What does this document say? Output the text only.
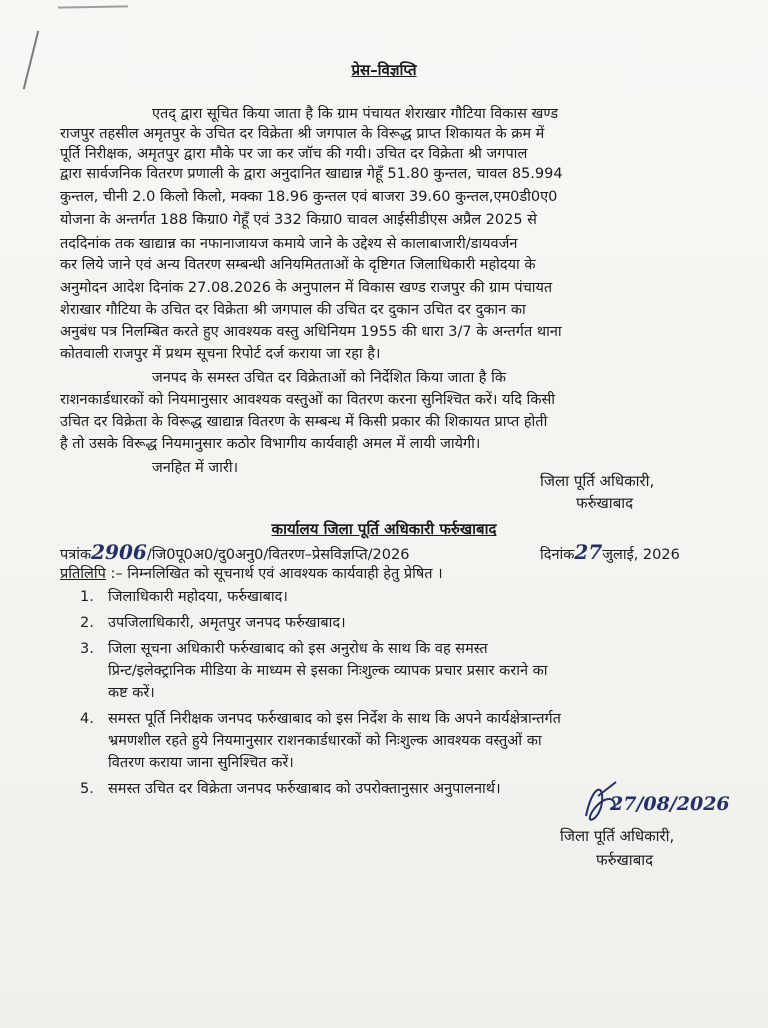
प्रेस–विज्ञप्ति
एतद् द्वारा सूचित किया जाता है कि ग्राम पंचायत शेराखार गौटिया विकास खण्ड
राजपुर तहसील अमृतपुर के उचित दर विक्रेता श्री जगपाल के विरूद्ध प्राप्त शिकायत के क्रम में
पूर्ति निरीक्षक, अमृतपुर द्वारा मौके पर जा कर जॉच की गयी। उचित दर विक्रेता श्री जगपाल
द्वारा सार्वजनिक वितरण प्रणाली के द्वारा अनुदानित खाद्यान्न गेहूँ 51.80 कुन्तल, चावल 85.994
कुन्तल, चीनी 2.0 किलो किलो, मक्का 18.96 कुन्तल एवं बाजरा 39.60 कुन्तल,एम0डी0ए0
योजना के अन्तर्गत 188 किग्रा0 गेहूँ एवं 332 किग्रा0 चावल आईसीडीएस अप्रैल 2025 से
तददिनांक तक खाद्यान्न का नफानाजायज कमाये जाने के उद्देश्य से कालाबाजारी/डायवर्जन
कर लिये जाने एवं अन्य वितरण सम्बन्धी अनियमितताओं के दृष्टिगत जिलाधिकारी महोदया के
अनुमोदन आदेश दिनांक 27.08.2026 के अनुपालन में विकास खण्ड राजपुर की ग्राम पंचायत
शेराखार गौटिया के उचित दर विक्रेता श्री जगपाल की उचित दर दुकान उचित दर दुकान का
अनुबंध पत्र निलम्बित करते हुए आवश्यक वस्तु अधिनियम 1955 की धारा 3/7 के अन्तर्गत थाना
कोतवाली राजपुर में प्रथम सूचना रिपोर्ट दर्ज कराया जा रहा है।
जनपद के समस्त उचित दर विक्रेताओं को निर्देशित किया जाता है कि
राशनकार्डधारकों को नियमानुसार आवश्यक वस्तुओं का वितरण करना सुनिश्चित करें। यदि किसी
उचित दर विक्रेता के विरूद्ध खाद्यान्न वितरण के सम्बन्ध में किसी प्रकार की शिकायत प्राप्त होती
है तो उसके विरूद्ध नियमानुसार कठोर विभागीय कार्यवाही अमल में लायी जायेगी।
जनहित में जारी।
जिला पूर्ति अधिकारी,
फर्रुखाबाद
कार्यालय जिला पूर्ति अधिकारी फर्रुखाबाद
पत्रांक2906/जि0पू0अ0/दु0अनु0/वितरण–प्रेसविज्ञप्ति/2026	दिनांक27जुलाई, 2026
प्रतिलिपि :– निम्नलिखित को सूचनार्थ एवं आवश्यक कार्यवाही हेतु प्रेषित ।
1. जिलाधिकारी महोदया, फर्रुखाबाद।
2. उपजिलाधिकारी, अमृतपुर जनपद फर्रुखाबाद।
3. जिला सूचना अधिकारी फर्रुखाबाद को इस अनुरोध के साथ कि वह समस्त
प्रिन्ट/इलेक्ट्रानिक मीडिया के माध्यम से इसका निःशुल्क व्यापक प्रचार प्रसार कराने का
कष्ट करें।
4. समस्त पूर्ति निरीक्षक जनपद फर्रुखाबाद को इस निर्देश के साथ कि अपने कार्यक्षेत्रान्तर्गत
भ्रमणशील रहते हुये नियमानुसार राशनकार्डधारकों को निःशुल्क आवश्यक वस्तुओं का
वितरण कराया जाना सुनिश्चित करें।
5. समस्त उचित दर विक्रेता जनपद फर्रुखाबाद को उपरोक्तानुसार अनुपालनार्थ।
27/08/2026
जिला पूर्ति अधिकारी,
फर्रुखाबाद
